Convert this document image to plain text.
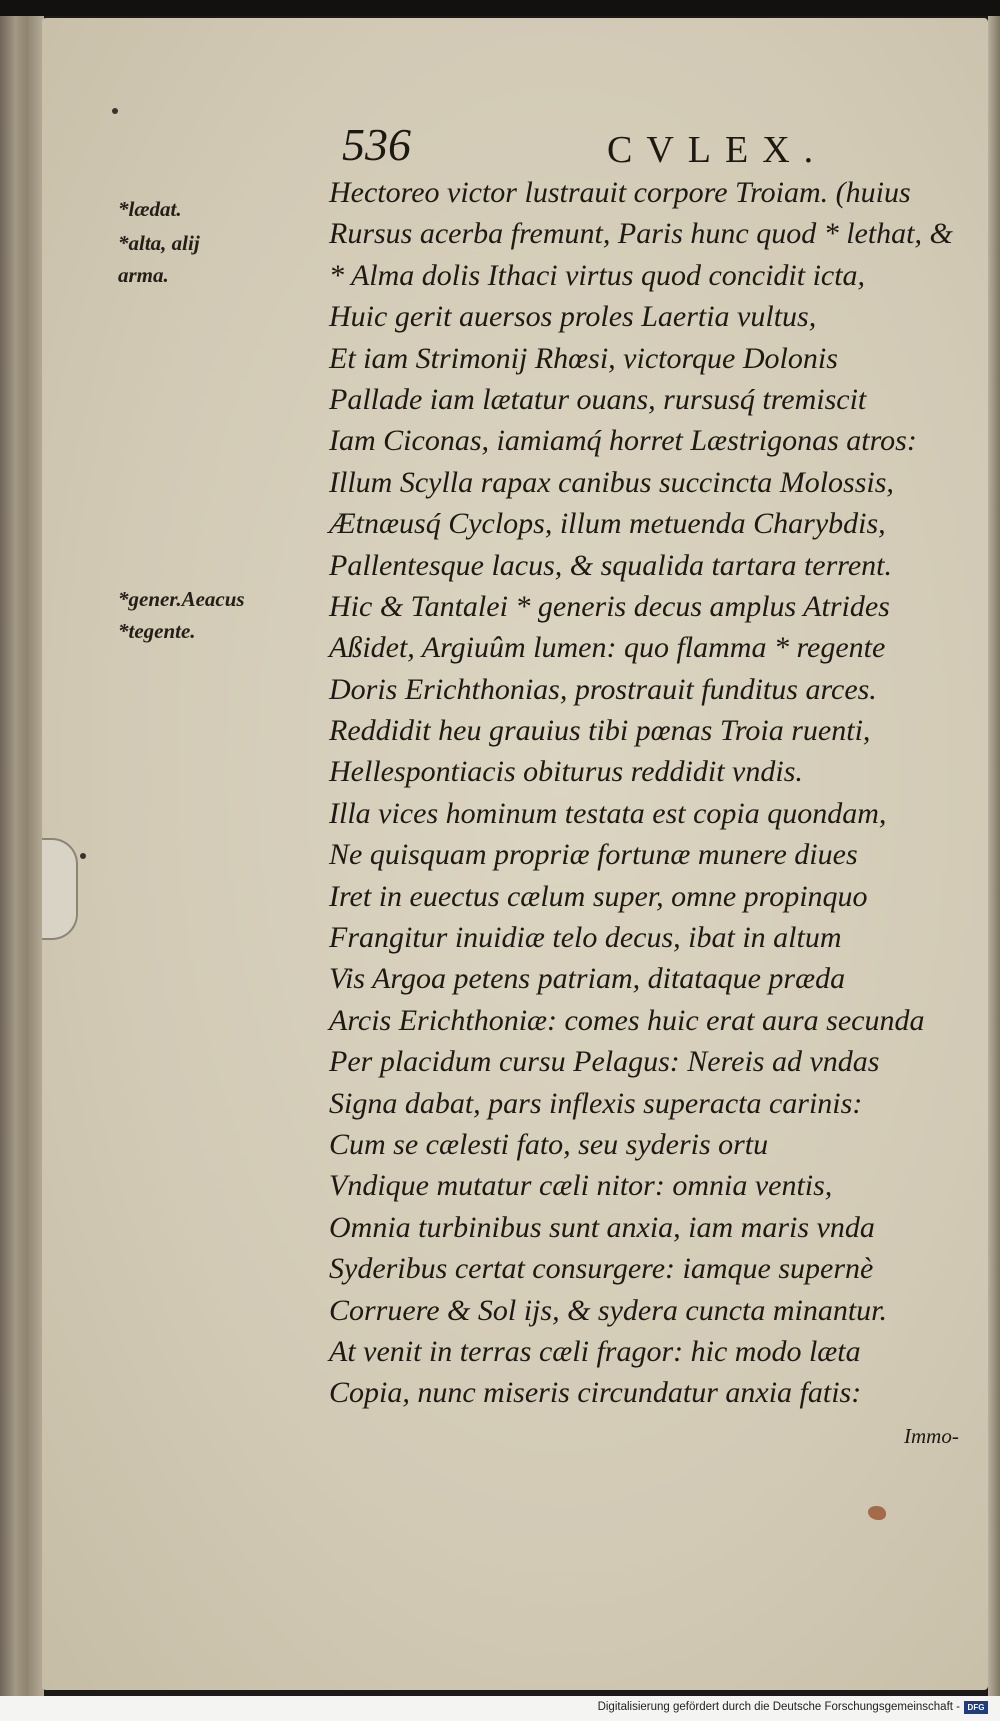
536	CVLEX.
*lædat.
*alta, alij
arma.
*gener.Aeacus
*tegente.
Hectoreo victor lustrauit corpore Troiam. (huius
Rursus acerba fremunt, Paris hunc quod * lethat, &
* Alma dolis Ithaci virtus quod concidit icta,
Huic gerit auersos proles Laertia vultus,
Et iam Strimonij Rhœsi, victorque Dolonis
Pallade iam lætatur ouans, rursusq́ tremiscit
Iam Ciconas, iamiamq́ horret Læstrigonas atros:
Illum Scylla rapax canibus succincta Molossis,
Ætnæusq́ Cyclops, illum metuenda Charybdis,
Pallentesque lacus, & squalida tartara terrent.
Hic & Tantalei * generis decus amplus Atrides
Aßidet, Argiuûm lumen: quo flamma * regente
Doris Erichthonias, prostrauit funditus arces.
Reddidit heu grauius tibi pœnas Troia ruenti,
Hellespontiacis obiturus reddidit vndis.
Illa vices hominum testata est copia quondam,
Ne quisquam propriæ fortunæ munere diues
Iret in euectus cælum super, omne propinquo
Frangitur inuidiæ telo decus, ibat in altum
Vis Argoa petens patriam, ditataque præda
Arcis Erichthoniæ: comes huic erat aura secunda
Per placidum cursu Pelagus: Nereis ad vndas
Signa dabat, pars inflexis superacta carinis:
Cum se cælesti fato, seu syderis ortu
Vndique mutatur cæli nitor: omnia ventis,
Omnia turbinibus sunt anxia, iam maris vnda
Syderibus certat consurgere: iamque supernè
Corruere & Sol ijs, & sydera cuncta minantur.
At venit in terras cæli fragor: hic modo læta
Copia, nunc miseris circundatur anxia fatis:
Immo-
Digitalisierung gefördert durch die Deutsche Forschungsgemeinschaft - DFG
